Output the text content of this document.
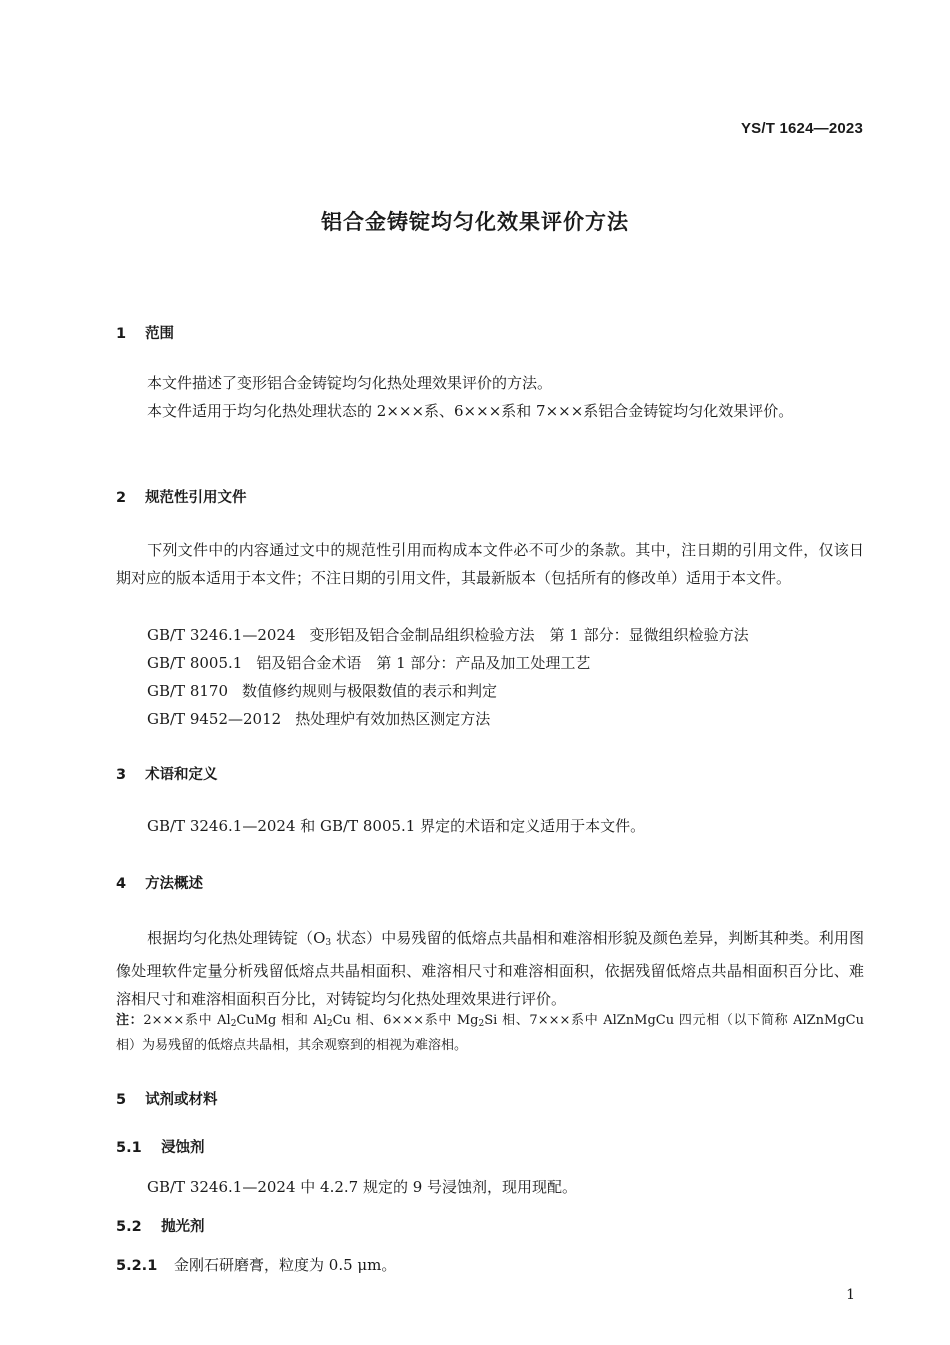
YS/T 1624—2023
铝合金铸锭均匀化效果评价方法
1 范围
本文件描述了变形铝合金铸锭均匀化热处理效果评价的方法。
本文件适用于均匀化热处理状态的 2×××系、6×××系和 7×××系铝合金铸锭均匀化效果评价。
2 规范性引用文件
下列文件中的内容通过文中的规范性引用而构成本文件必不可少的条款。其中，注日期的引用文件，仅该日期对应的版本适用于本文件；不注日期的引用文件，其最新版本（包括所有的修改单）适用于本文件。
GB/T 3246.1—2024 变形铝及铝合金制品组织检验方法　第 1 部分：显微组织检验方法
GB/T 8005.1 铝及铝合金术语　第 1 部分：产品及加工处理工艺
GB/T 8170 数值修约规则与极限数值的表示和判定
GB/T 9452—2012 热处理炉有效加热区测定方法
3 术语和定义
GB/T 3246.1—2024 和 GB/T 8005.1 界定的术语和定义适用于本文件。
4 方法概述
根据均匀化热处理铸锭（$O_3$ 状态）中易残留的低熔点共晶相和难溶相形貌及颜色差异，判断其种类。利用图像处理软件定量分析残留低熔点共晶相面积、难溶相尺寸和难溶相面积，依据残留低熔点共晶相面积百分比、难溶相尺寸和难溶相面积百分比，对铸锭均匀化热处理效果进行评价。
注：2×××系中 $Al_2CuMg$ 相和 $Al_2Cu$ 相、6×××系中 $Mg_2Si$ 相、7×××系中 AlZnMgCu 四元相（以下简称 AlZnMgCu 相）为易残留的低熔点共晶相，其余观察到的相视为难溶相。
5 试剂或材料
5.1 浸蚀剂
GB/T 3246.1—2024 中 4.2.7 规定的 9 号浸蚀剂，现用现配。
5.2 抛光剂
5.2.1 金刚石研磨膏，粒度为 0.5 μm。
1
